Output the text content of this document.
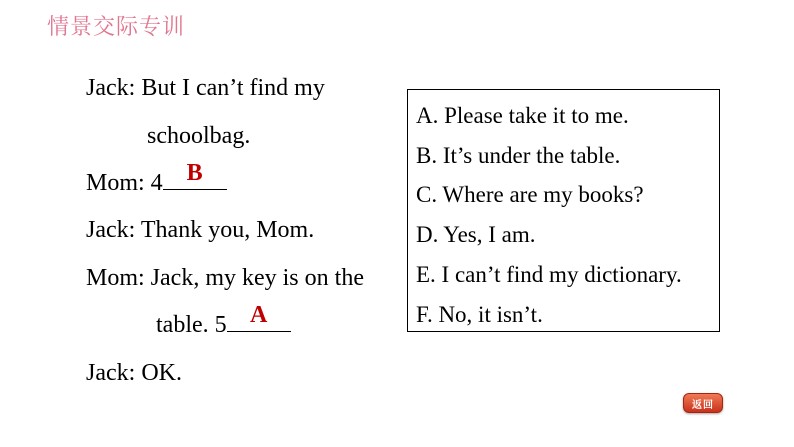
情景交际专训
Jack: But I can’t find my
schoolbag.
Mom: 4 B
Jack: Thank you, Mom.
Mom: Jack, my key is on the
table. 5 A
Jack: OK.
A. Please take it to me.
B. It’s under the table.
C. Where are my books?
D. Yes, I am.
E. I can’t find my dictionary.
F. No, it isn’t.
返回
